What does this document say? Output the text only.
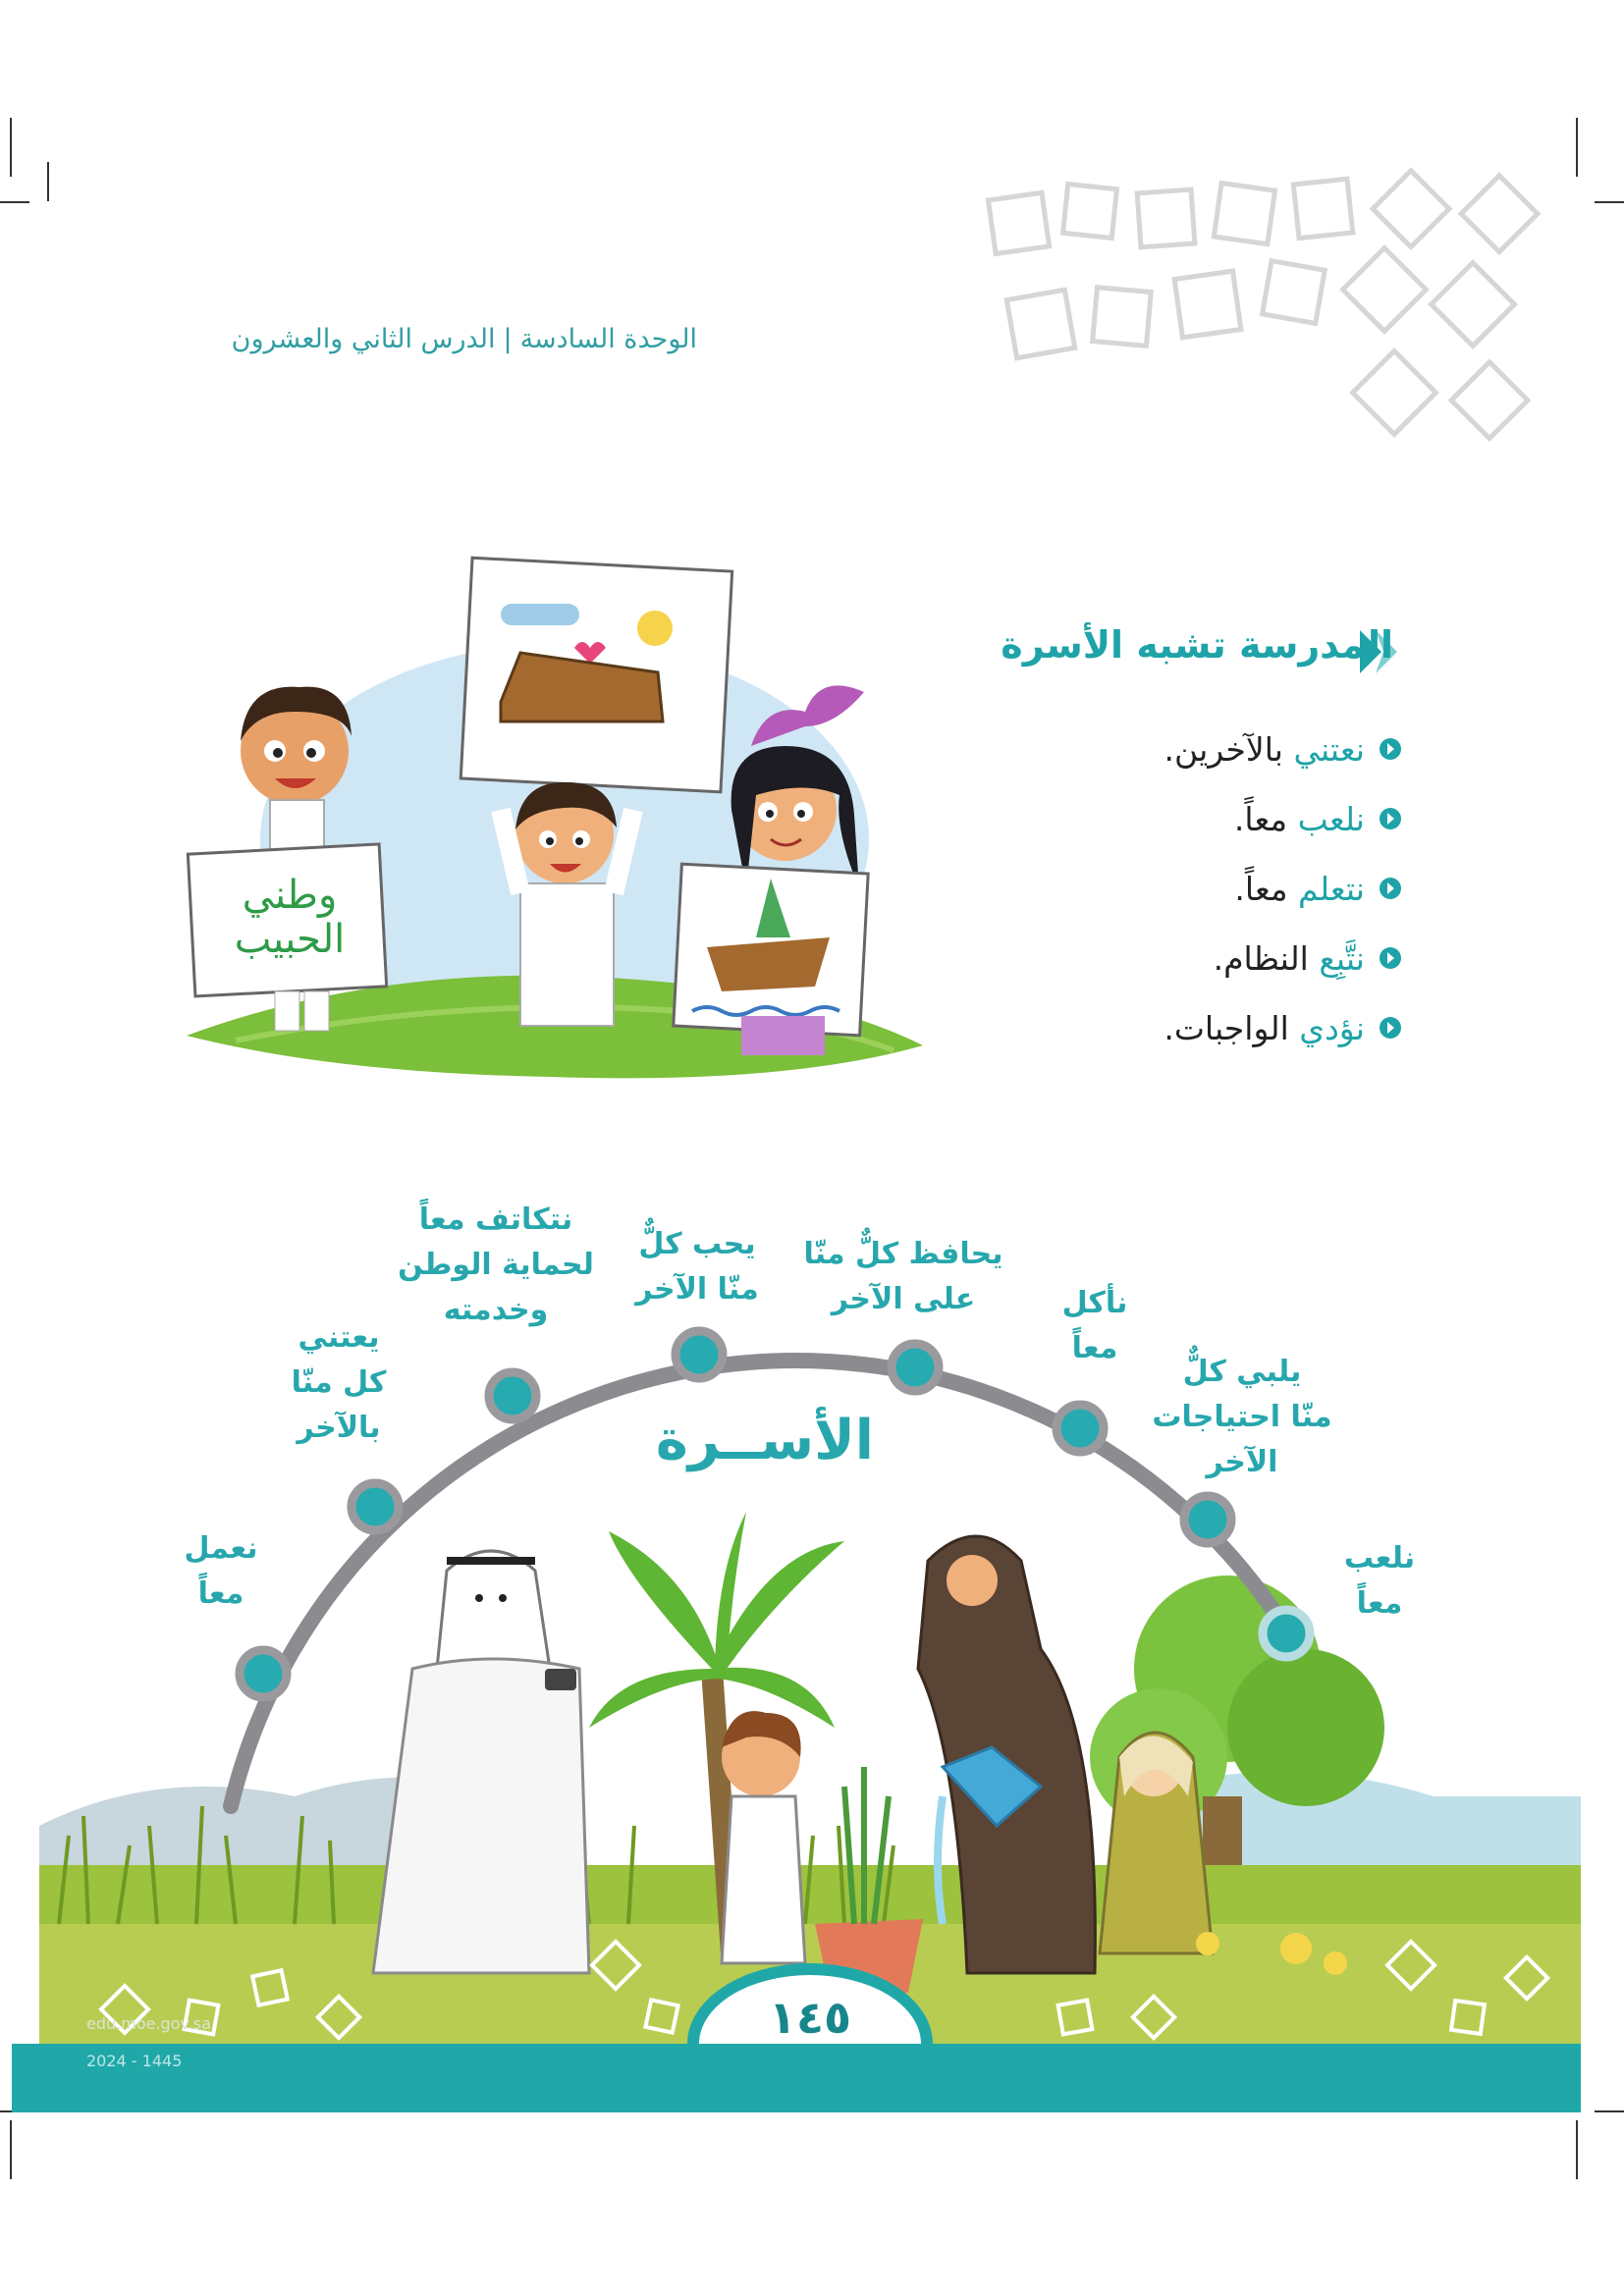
الوحدة السادسة|الدرس الثاني والعشرون
وطني
الحبيب
المدرسة تشبه الأسرة
نعتني بالآخرين.
نلعب معاً.
نتعلم معاً.
نتَّبِع النظام.
نؤدي الواجبات.
نعمل
معاً
يعتني
كل منّا
بالآخر
نتكاتف معاً
لحماية الوطن
وخدمته
يحب كلٌّ
منّا الآخر
يحافظ كلٌّ منّا
على الآخر	نأكل
معاً
يلبي كلٌّ
منّا احتياجات
الآخر
نلعب
معاً
الأســرة
١٤٥
edu.moe.gov.sa
2024 - 1445
